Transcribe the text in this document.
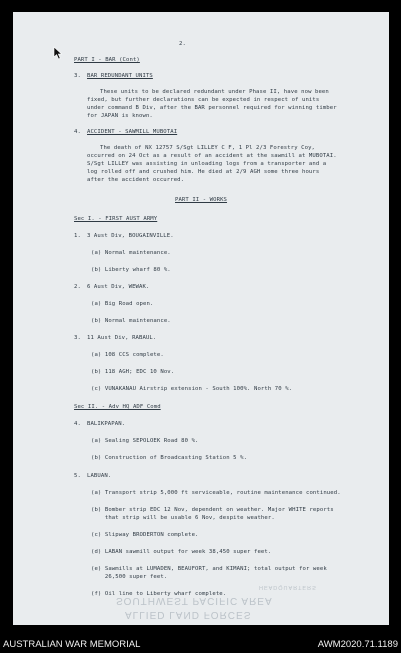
2.
PART I - BAR (Cont)
3. BAR REDUNDANT UNITS
These units to be declared redundant under Phase II, have now been
fixed, but further declarations can be expected in respect of units
under command B Div, after the BAR personnel required for winning timber
for JAPAN is known.
4. ACCIDENT - SAWMILL MUBOTAI
The death of NX 12757 S/Sgt LILLEY C F, 1 Pl 2/3 Forestry Coy,
occurred on 24 Oct as a result of an accident at the sawmill at MUBOTAI.
S/Sgt LILLEY was assisting in unloading logs from a transporter and a
log rolled off and crushed him. He died at 2/9 AGH some three hours
after the accident occurred.
PART II - WORKS
Sec I. - FIRST AUST ARMY
1. 3 Aust Div, BOUGAINVILLE.
(a) Normal maintenance.
(b) Liberty wharf 80 %.
2. 6 Aust Div, WEWAK.
(a) Big Road open.
(b) Normal maintenance.
3. 11 Aust Div, RABAUL.
(a) 108 CCS complete.
(b) 118 AGH; EDC 10 Nov.
(c) VUNAKANAU Airstrip extension - South 100%. North 70 %.
Sec II. - Adv HQ ADF Comd
4. BALIKPAPAN.
(a) Sealing SEPOLOEK Road 80 %.
(b) Construction of Broadcasting Station 5 %.
5. LABUAN.
(a) Transport strip 5,000 ft serviceable, routine maintenance continued.
(b) Bomber strip EDC 12 Nov, dependent on weather. Major WHITE reports
that strip will be usable 6 Nov, despite weather.
(c) Slipway BRODERTON complete.
(d) LABAN sawmill output for week 38,450 super feet.
(e) Sawmills at LUMADEN, BEAUFORT, and KIMANI; total output for week
26,500 super feet.
(f) Oil line to Liberty wharf complete.
HEADQUARTERS
SOUTHWEST PACIFIC AREA
ALLIED LAND FORCES
AUSTRALIAN WAR MEMORIAL	AWM2020.71.1189
